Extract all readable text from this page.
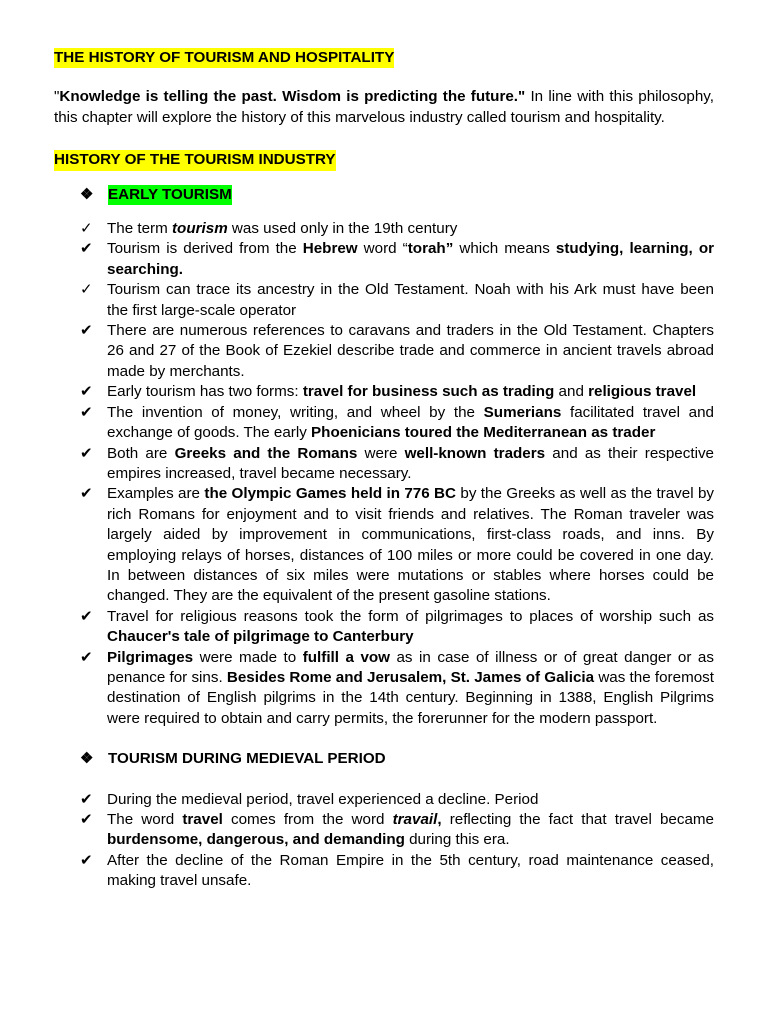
THE HISTORY OF TOURISM AND HOSPITALITY

"Knowledge is telling the past. Wisdom is predicting the future." In line with this philosophy, this chapter will explore the history of this marvelous industry called tourism and hospitality.

HISTORY OF THE TOURISM INDUSTRY
❖ EARLY TOURISM
✓ The term tourism was used only in the 19th century
✔ Tourism is derived from the Hebrew word “torah” which means studying, learning, or searching.
✓ Tourism can trace its ancestry in the Old Testament. Noah with his Ark must have been the first large-scale operator
✔ There are numerous references to caravans and traders in the Old Testament. Chapters 26 and 27 of the Book of Ezekiel describe trade and commerce in ancient travels abroad made by merchants.
✔ Early tourism has two forms: travel for business such as trading and religious travel
✔ The invention of money, writing, and wheel by the Sumerians facilitated travel and exchange of goods. The early Phoenicians toured the Mediterranean as trader
✔ Both are Greeks and the Romans were well-known traders and as their respective empires increased, travel became necessary.
✔ Examples are the Olympic Games held in 776 BC by the Greeks as well as the travel by rich Romans for enjoyment and to visit friends and relatives. The Roman traveler was largely aided by improvement in communications, first-class roads, and inns. By employing relays of horses, distances of 100 miles or more could be covered in one day. In between distances of six miles were mutations or stables where horses could be changed. They are the equivalent of the present gasoline stations.
✔ Travel for religious reasons took the form of pilgrimages to places of worship such as Chaucer's tale of pilgrimage to Canterbury
✔ Pilgrimages were made to fulfill a vow as in case of illness or of great danger or as penance for sins. Besides Rome and Jerusalem, St. James of Galicia was the foremost destination of English pilgrims in the 14th century. Beginning in 1388, English Pilgrims were required to obtain and carry permits, the forerunner for the modern passport.
❖ TOURISM DURING MEDIEVAL PERIOD
✔ During the medieval period, travel experienced a decline. Period
✔ The word travel comes from the word travail, reflecting the fact that travel became burdensome, dangerous, and demanding during this era.
✔ After the decline of the Roman Empire in the 5th century, road maintenance ceased, making travel unsafe.
